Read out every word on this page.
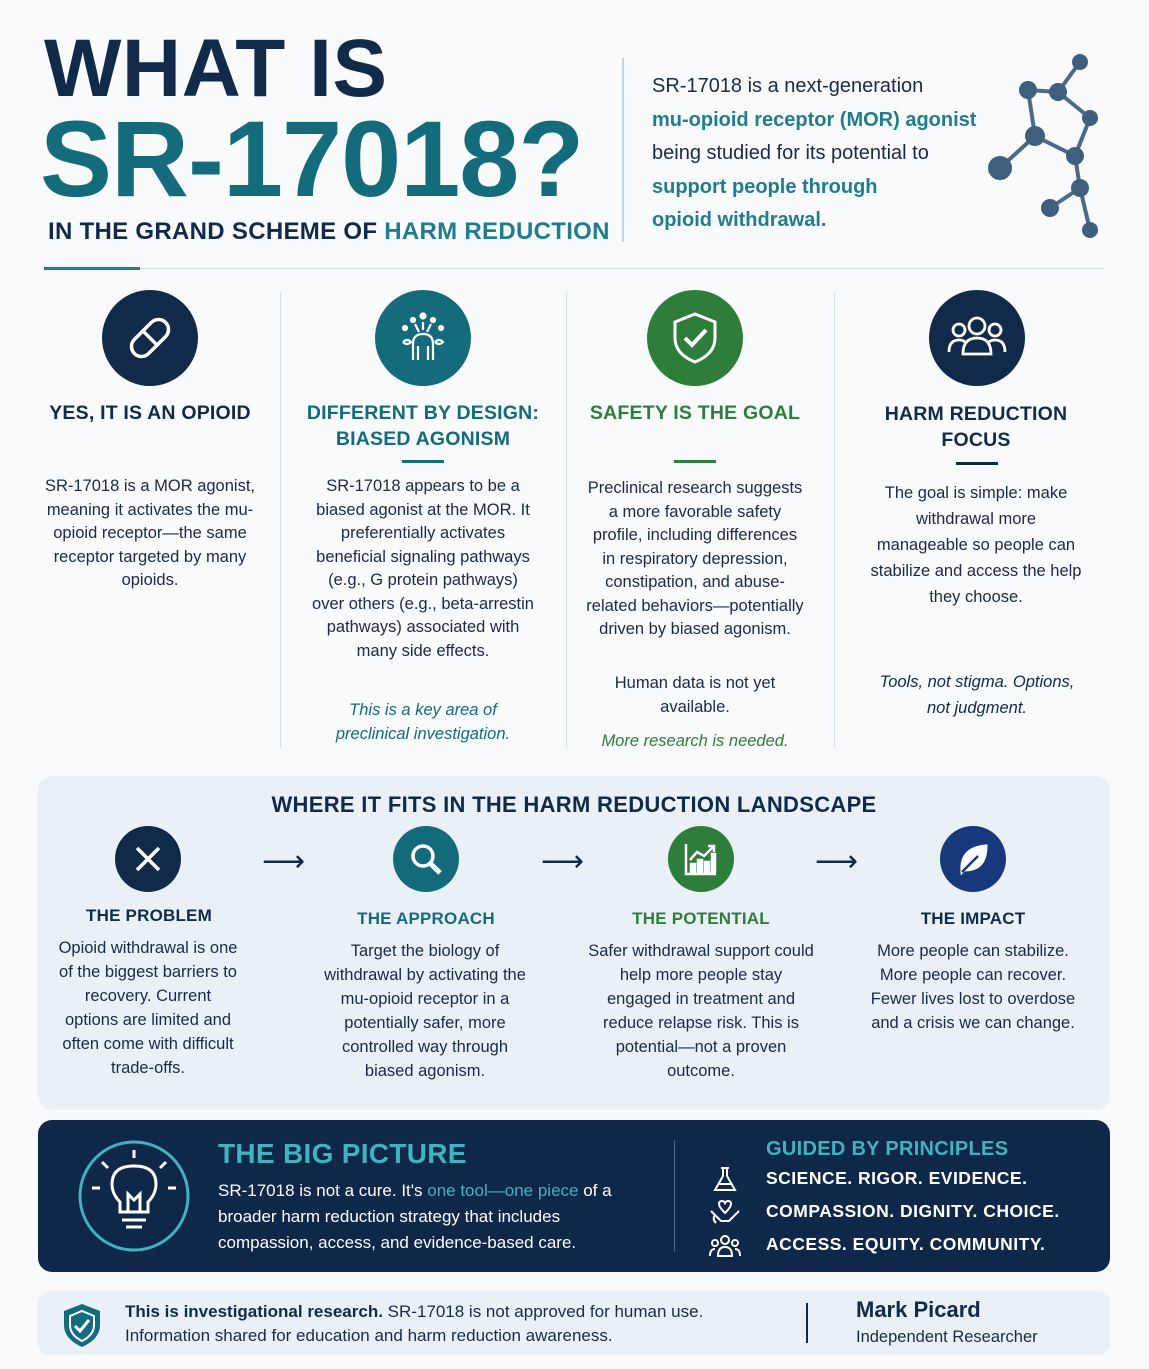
WHAT IS
SR-17018?
IN THE GRAND SCHEME OF HARM REDUCTION
SR-17018 is a next-generation
mu-opioid receptor (MOR) agonist
being studied for its potential to
support people through opioid withdrawal.
YES, IT IS AN OPIOID
SR-17018 is a MOR agonist, meaning it activates the mu-opioid receptor—the same receptor targeted by many opioids.
DIFFERENT BY DESIGN: BIASED AGONISM
SR-17018 appears to be a biased agonist at the MOR. It preferentially activates beneficial signaling pathways (e.g., G protein pathways) over others (e.g., beta-arrestin pathways) associated with many side effects.
This is a key area of preclinical investigation.
SAFETY IS THE GOAL
Preclinical research suggests a more favorable safety profile, including differences in respiratory depression, constipation, and abuse-related behaviors—potentially driven by biased agonism.
Human data is not yet available.
More research is needed.
HARM REDUCTION FOCUS
The goal is simple: make withdrawal more manageable so people can stabilize and access the help they choose.
Tools, not stigma. Options, not judgment.
WHERE IT FITS IN THE HARM REDUCTION LANDSCAPE
⟶	⟶	⟶
THE PROBLEM
Opioid withdrawal is one of the biggest barriers to recovery. Current options are limited and often come with difficult trade-offs.
THE APPROACH
Target the biology of withdrawal by activating the mu-opioid receptor in a potentially safer, more controlled way through biased agonism.
THE POTENTIAL
Safer withdrawal support could help more people stay engaged in treatment and reduce relapse risk. This is potential—not a proven outcome.
THE IMPACT
More people can stabilize. More people can recover. Fewer lives lost to overdose and a crisis we can change.
THE BIG PICTURE
SR-17018 is not a cure. It's one tool—one piece of a broader harm reduction strategy that includes compassion, access, and evidence-based care.
GUIDED BY PRINCIPLES
SCIENCE. RIGOR. EVIDENCE.
COMPASSION. DIGNITY. CHOICE.
ACCESS. EQUITY. COMMUNITY.
This is investigational research. SR-17018 is not approved for human use.
Information shared for education and harm reduction awareness.
Mark Picard
Independent Researcher
